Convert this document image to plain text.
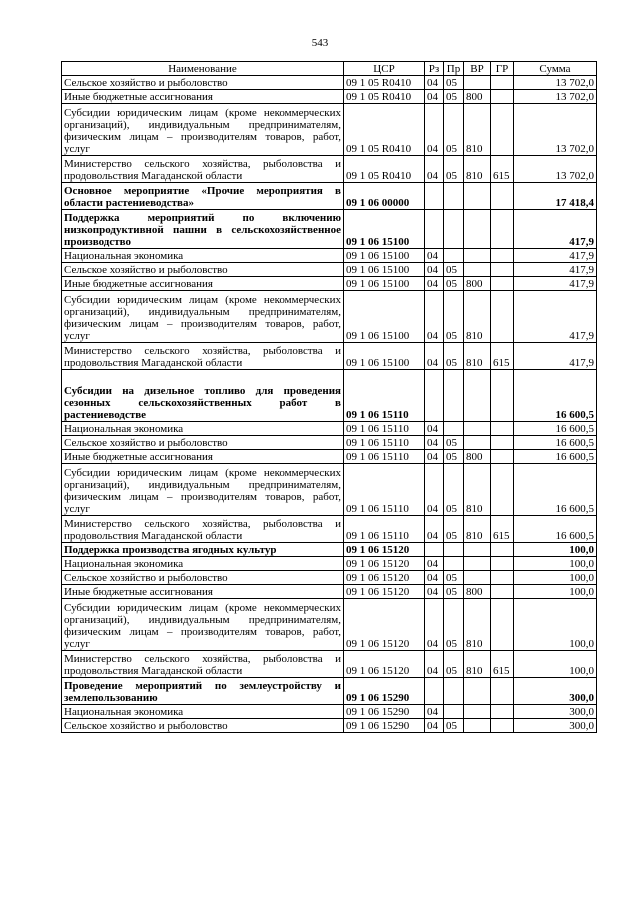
543
Наименование	ЦСР	Рз	Пр	ВР	ГР	Сумма
Сельское хозяйство и рыболовство	09 1 05 R0410	04	05			13 702,0
Иные бюджетные ассигнования	09 1 05 R0410	04	05	800		13 702,0
Субсидии юридическим лицам (кроме некоммерческих организаций), индивидуальным предпринимателям, физическим лицам – производителям товаров, работ, услуг	09 1 05 R0410	04	05	810		13 702,0
Министерство сельского хозяйства, рыболовства и продовольствия Магаданской области	09 1 05 R0410	04	05	810	615	13 702,0
Основное мероприятие «Прочие мероприятия в области растениеводства»	09 1 06 00000					17 418,4
Поддержка мероприятий по включению низкопродуктивной пашни в сельскохозяйственное производство	09 1 06 15100					417,9
Национальная экономика	09 1 06 15100	04				417,9
Сельское хозяйство и рыболовство	09 1 06 15100	04	05			417,9
Иные бюджетные ассигнования	09 1 06 15100	04	05	800		417,9
Субсидии юридическим лицам (кроме некоммерческих организаций), индивидуальным предпринимателям, физическим лицам – производителям товаров, работ, услуг	09 1 06 15100	04	05	810		417,9
Министерство сельского хозяйства, рыболовства и продовольствия Магаданской области	09 1 06 15100	04	05	810	615	417,9
Субсидии на дизельное топливо для проведения сезонных сельскохозяйственных работ в растениеводстве	09 1 06 15110					16 600,5
Национальная экономика	09 1 06 15110	04				16 600,5
Сельское хозяйство и рыболовство	09 1 06 15110	04	05			16 600,5
Иные бюджетные ассигнования	09 1 06 15110	04	05	800		16 600,5
Субсидии юридическим лицам (кроме некоммерческих организаций), индивидуальным предпринимателям, физическим лицам – производителям товаров, работ, услуг	09 1 06 15110	04	05	810		16 600,5
Министерство сельского хозяйства, рыболовства и продовольствия Магаданской области	09 1 06 15110	04	05	810	615	16 600,5
Поддержка производства ягодных культур	09 1 06 15120					100,0
Национальная экономика	09 1 06 15120	04				100,0
Сельское хозяйство и рыболовство	09 1 06 15120	04	05			100,0
Иные бюджетные ассигнования	09 1 06 15120	04	05	800		100,0
Субсидии юридическим лицам (кроме некоммерческих организаций), индивидуальным предпринимателям, физическим лицам – производителям товаров, работ, услуг	09 1 06 15120	04	05	810		100,0
Министерство сельского хозяйства, рыболовства и продовольствия Магаданской области	09 1 06 15120	04	05	810	615	100,0
Проведение мероприятий по землеустройству и землепользованию	09 1 06 15290					300,0
Национальная экономика	09 1 06 15290	04				300,0
Сельское хозяйство и рыболовство	09 1 06 15290	04	05			300,0
